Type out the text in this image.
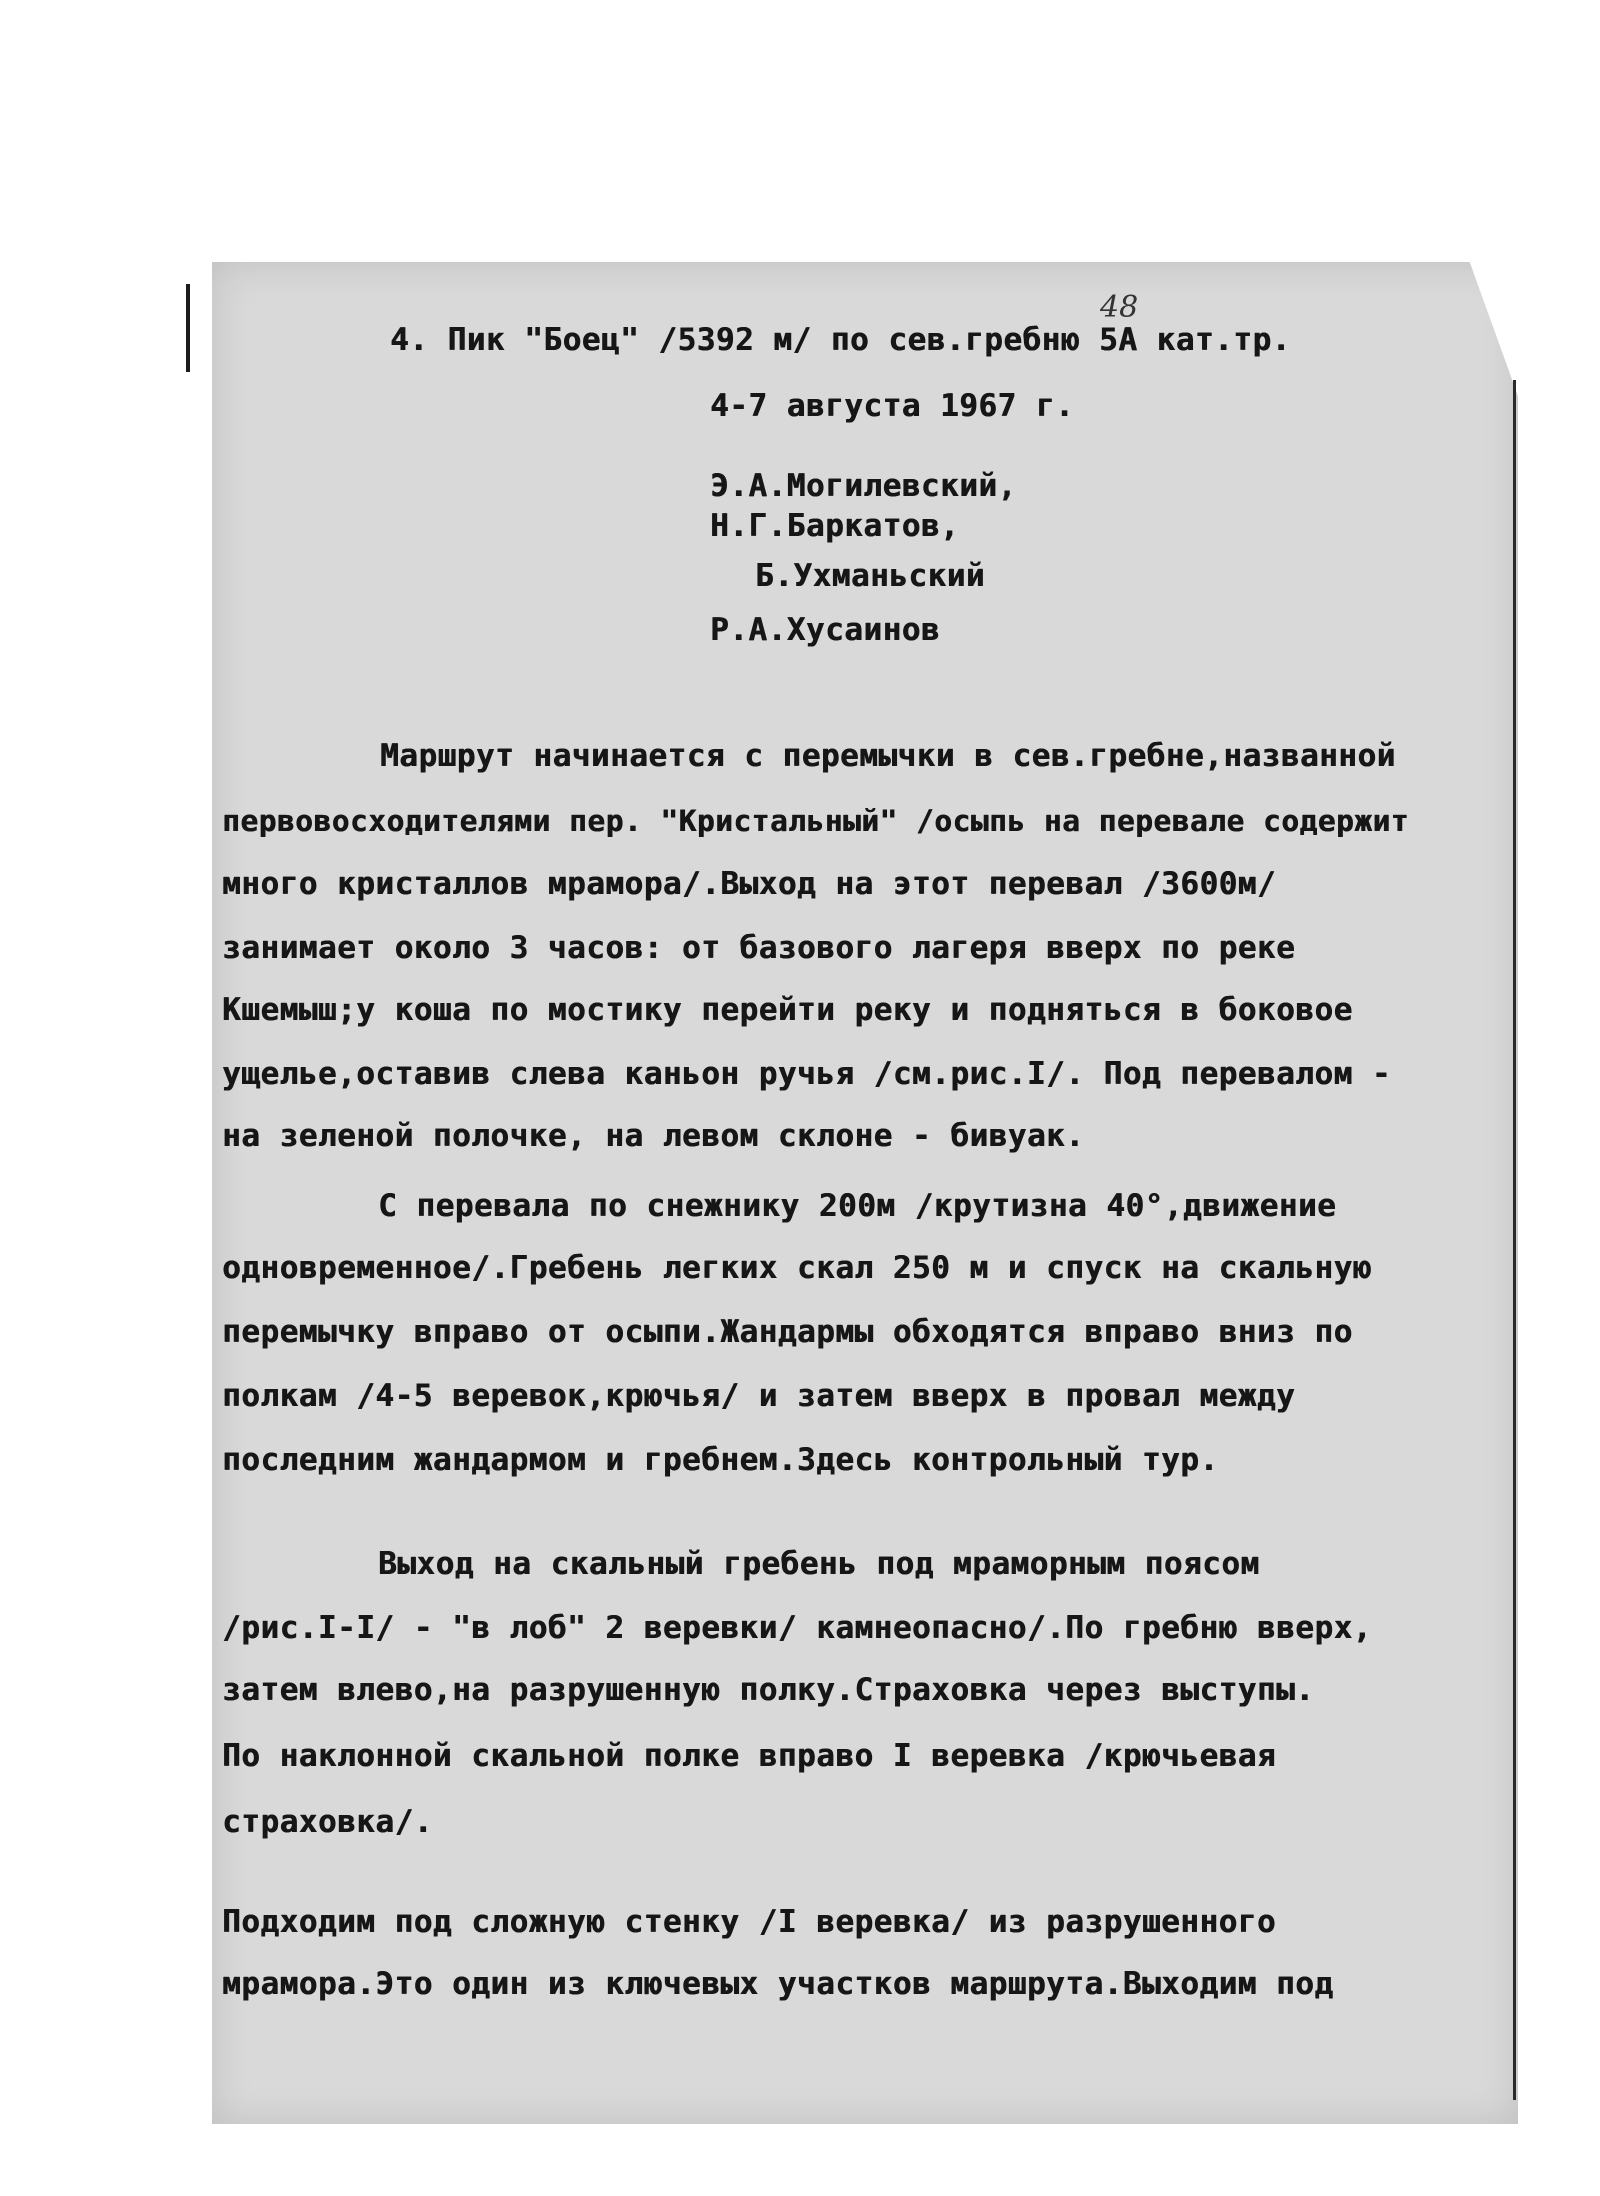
48
4. Пик "Боец" /5392 м/ по сев.гребню 5А кат.тр.
4-7 августа 1967 г.
Э.А.Могилевский,
Н.Г.Баркатов,
Б.Ухманьский
Р.А.Хусаинов
Маршрут начинается с перемычки в сев.гребне,названной
первовосходителями пер. "Кристальный" /осыпь на перевале содержит
много кристаллов мрамора/.Выход на этот перевал /3600м/
занимает около 3 часов: от базового лагеря вверх по реке
Кшемыш;у коша по мостику перейти реку и подняться в боковое
ущелье,оставив слева каньон ручья /см.рис.I/. Под перевалом -
на зеленой полочке, на левом склоне - бивуак.
С перевала по снежнику 200м /крутизна 40°,движение
одновременное/.Гребень легких скал 250 м и спуск на скальную
перемычку вправо от осыпи.Жандармы обходятся вправо вниз по
полкам /4-5 веревок,крючья/ и затем вверх в провал между
последним жандармом и гребнем.Здесь контрольный тур.
Выход на скальный гребень под мраморным поясом
/рис.I-I/ - "в лоб" 2 веревки/ камнеопасно/.По гребню вверх,
затем влево,на разрушенную полку.Страховка через выступы.
По наклонной скальной полке вправо I веревка /крючьевая
страховка/.
Подходим под сложную стенку /I веревка/ из разрушенного
мрамора.Это один из ключевых участков маршрута.Выходим под
